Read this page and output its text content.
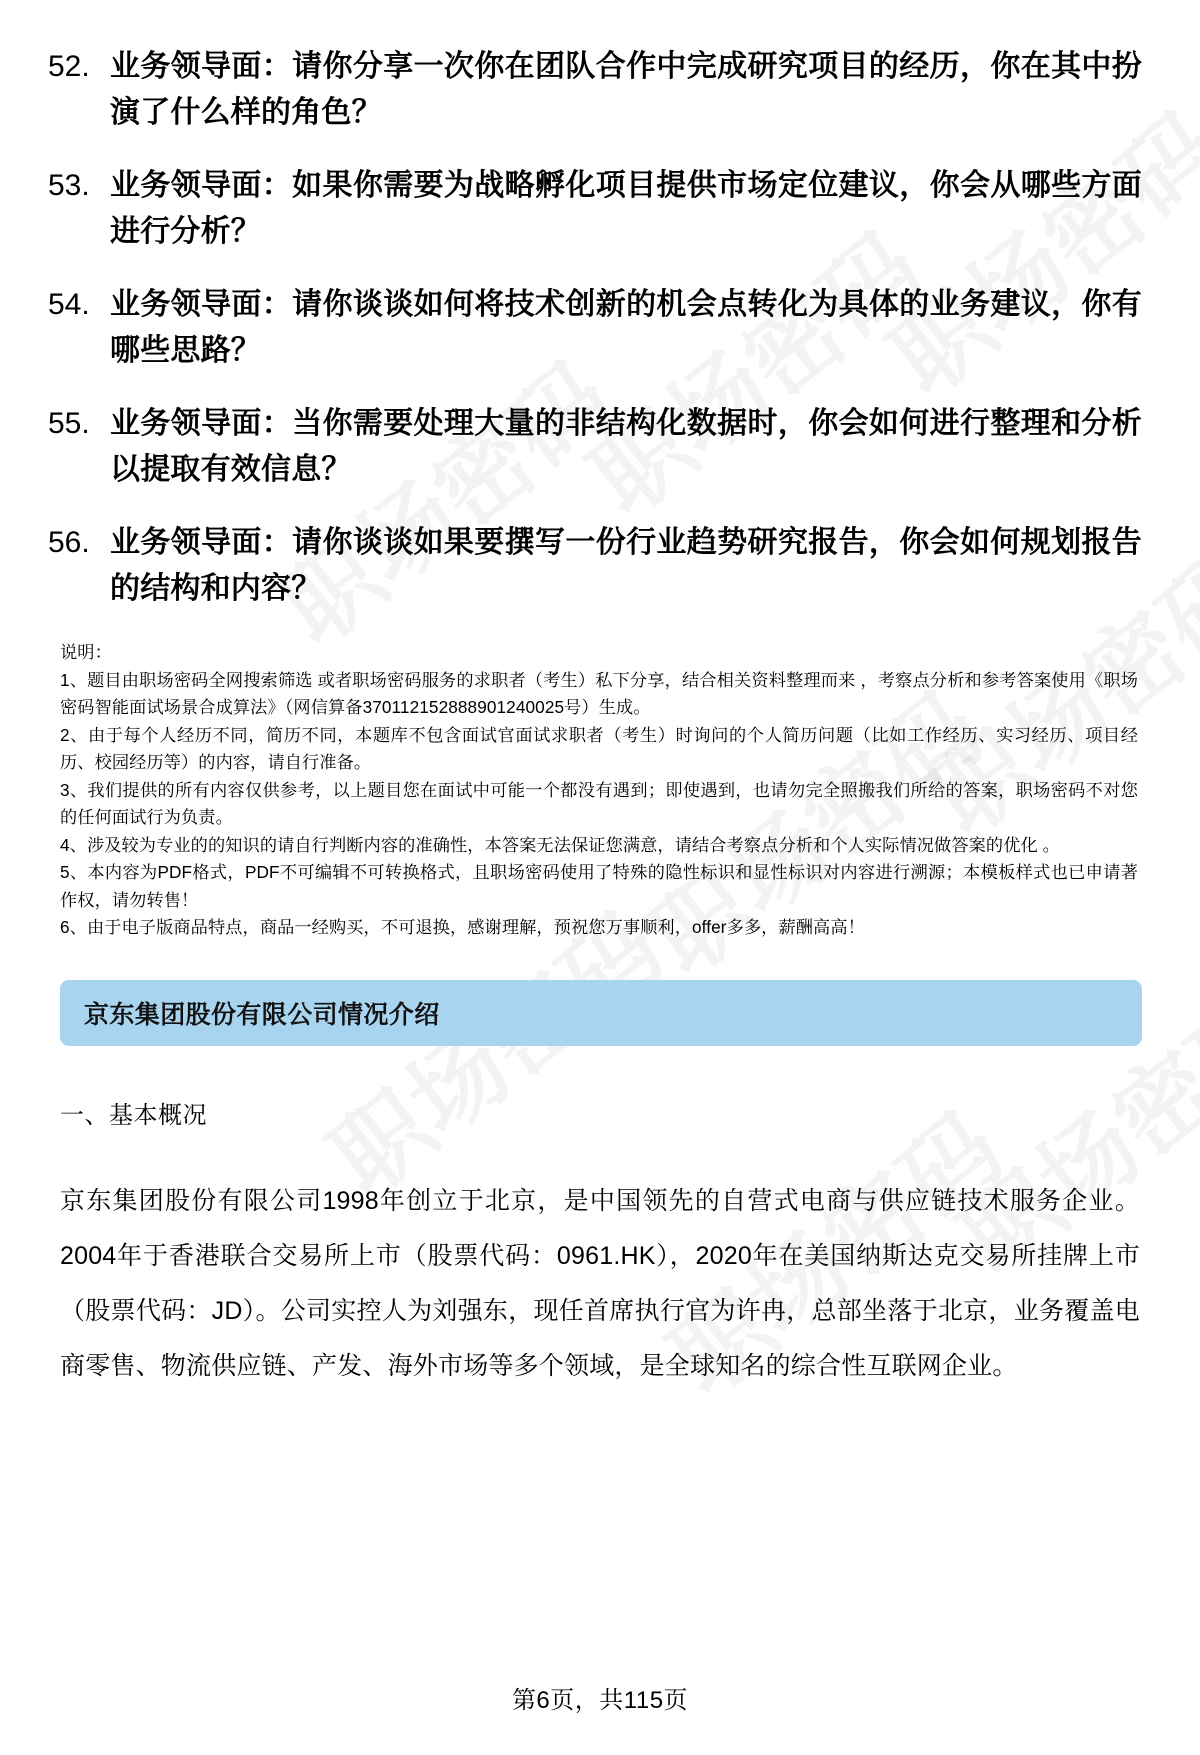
52. 业务领导面：请你分享一次你在团队合作中完成研究项目的经历，你在其中扮演了什么样的角色？
53. 业务领导面：如果你需要为战略孵化项目提供市场定位建议，你会从哪些方面进行分析？
54. 业务领导面：请你谈谈如何将技术创新的机会点转化为具体的业务建议，你有哪些思路？
55. 业务领导面：当你需要处理大量的非结构化数据时，你会如何进行整理和分析以提取有效信息？
56. 业务领导面：请你谈谈如果要撰写一份行业趋势研究报告，你会如何规划报告的结构和内容？

说明：

1、题目由职场密码全网搜索筛选 或者职场密码服务的求职者（考生）私下分享，结合相关资料整理而来 ，考察点分析和参考答案使用《职场密码智能面试场景合成算法》（网信算备370112152888901240025号）生成。

2、由于每个人经历不同，简历不同，本题库不包含面试官面试求职者（考生）时询问的个人简历问题（比如工作经历、实习经历、项目经历、校园经历等）的内容，请自行准备。

3、我们提供的所有内容仅供参考，以上题目您在面试中可能一个都没有遇到；即使遇到，也请勿完全照搬我们所给的答案，职场密码不对您的任何面试行为负责。

4、涉及较为专业的的知识的请自行判断内容的准确性，本答案无法保证您满意，请结合考察点分析和个人实际情况做答案的优化 。

5、本内容为PDF格式，PDF不可编辑不可转换格式，且职场密码使用了特殊的隐性标识和显性标识对内容进行溯源；本模板样式也已申请著作权，请勿转售！

6、由于电子版商品特点，商品一经购买，不可退换，感谢理解，预祝您万事顺利，offer多多，薪酬高高！

京东集团股份有限公司情况介绍
一、基本概况
京东集团股份有限公司1998年创立于北京，是中国领先的自营式电商与供应链技术服务企业。2004年于香港联合交易所上市（股票代码：0961.HK），2020年在美国纳斯达克交易所挂牌上市（股票代码：JD）。公司实控人为刘强东，现任首席执行官为许冉，总部坐落于北京，业务覆盖电商零售、物流供应链、产发、海外市场等多个领域，是全球知名的综合性互联网企业。
第6页，共115页
